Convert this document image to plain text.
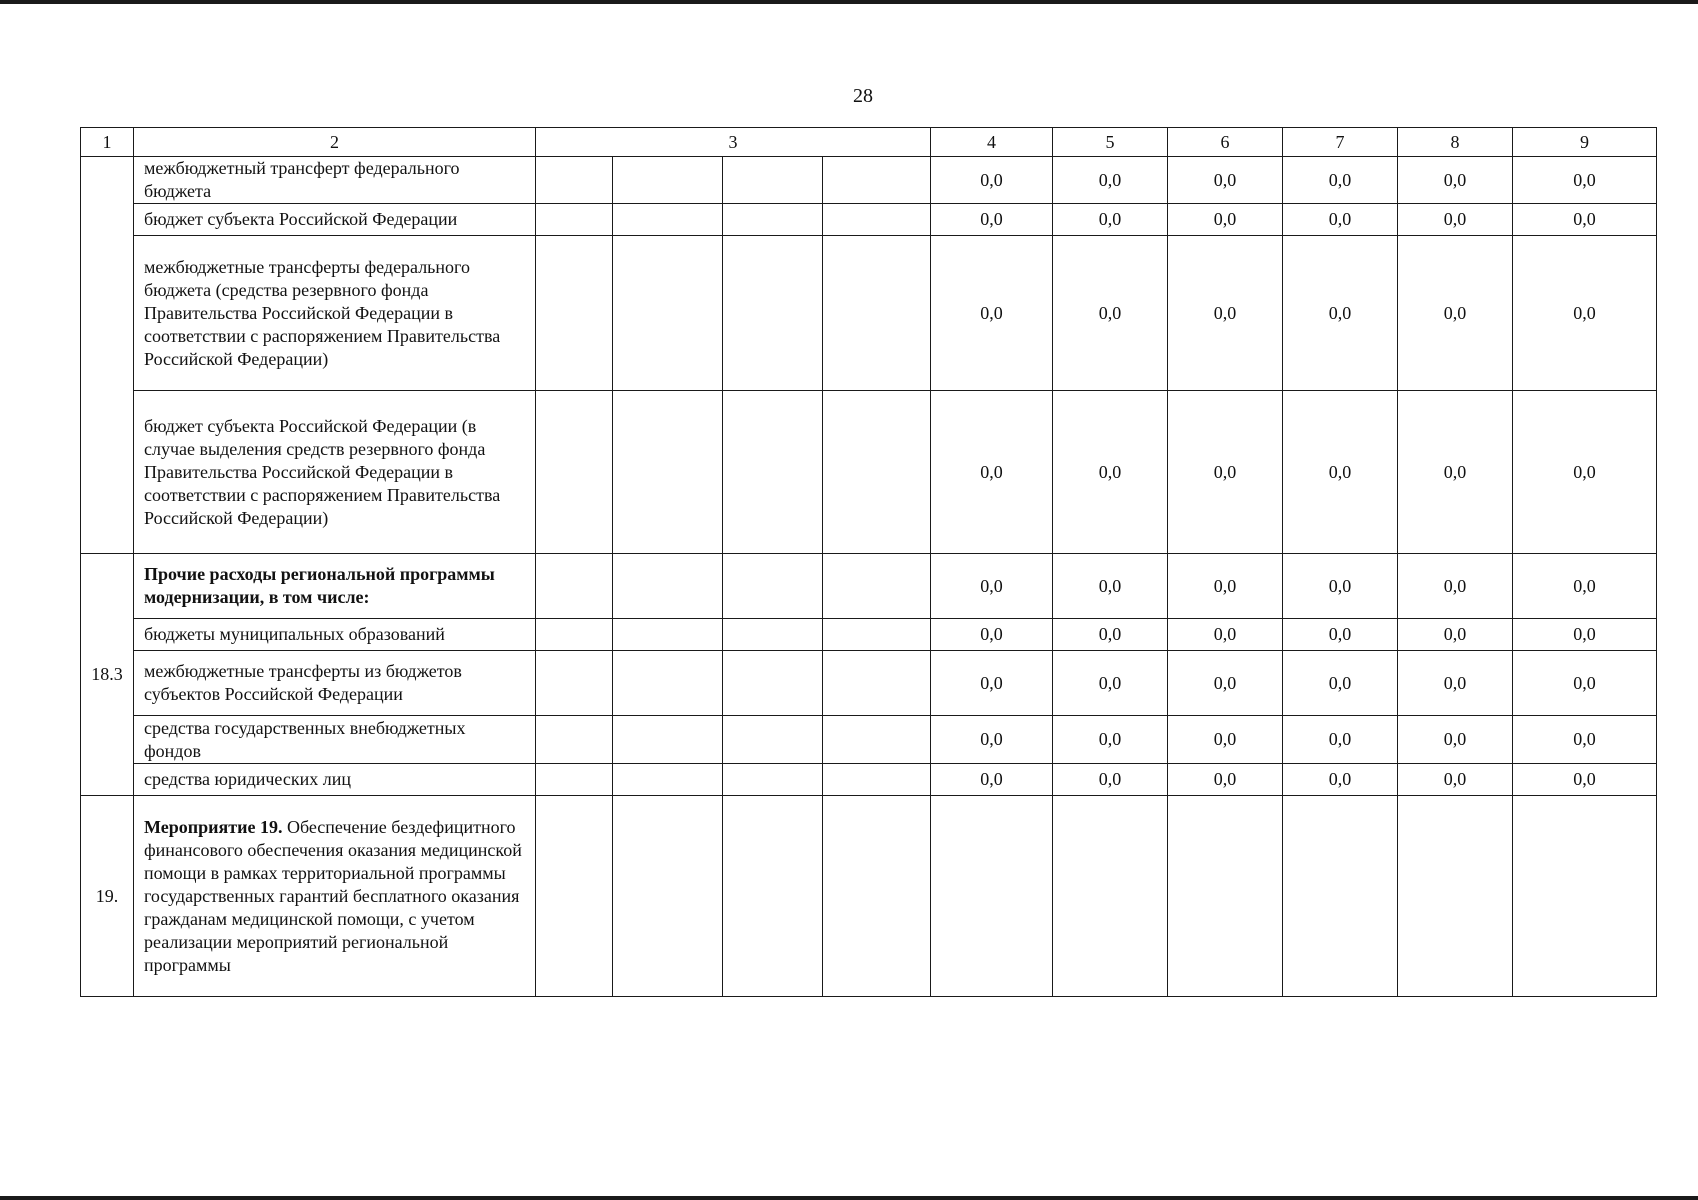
28
1	2	3				4	5	6	7	8	9
	межбюджетный трансферт федерального бюджета					0,0	0,0	0,0	0,0	0,0	0,0
	бюджет субъекта Российской Федерации					0,0	0,0	0,0	0,0	0,0	0,0
	межбюджетные трансферты федерального бюджета (средства резервного фонда Правительства Российской Федерации в соответствии с распоряжением Правительства Российской Федерации)					0,0	0,0	0,0	0,0	0,0	0,0
	бюджет субъекта Российской Федерации (в случае выделения средств резервного фонда Правительства Российской Федерации в соответствии с распоряжением Правительства Российской Федерации)					0,0	0,0	0,0	0,0	0,0	0,0
18.3	Прочие расходы региональной программы модернизации, в том числе:					0,0	0,0	0,0	0,0	0,0	0,0
	бюджеты муниципальных образований					0,0	0,0	0,0	0,0	0,0	0,0
	межбюджетные трансферты из бюджетов субъектов Российской Федерации					0,0	0,0	0,0	0,0	0,0	0,0
	средства государственных внебюджетных фондов					0,0	0,0	0,0	0,0	0,0	0,0
	средства юридических лиц					0,0	0,0	0,0	0,0	0,0	0,0
19.	Мероприятие 19. Обеспечение бездефицитного финансового обеспечения оказания медицинской помощи в рамках территориальной программы государственных гарантий бесплатного оказания гражданам медицинской помощи, с учетом реализации мероприятий региональной программы										
